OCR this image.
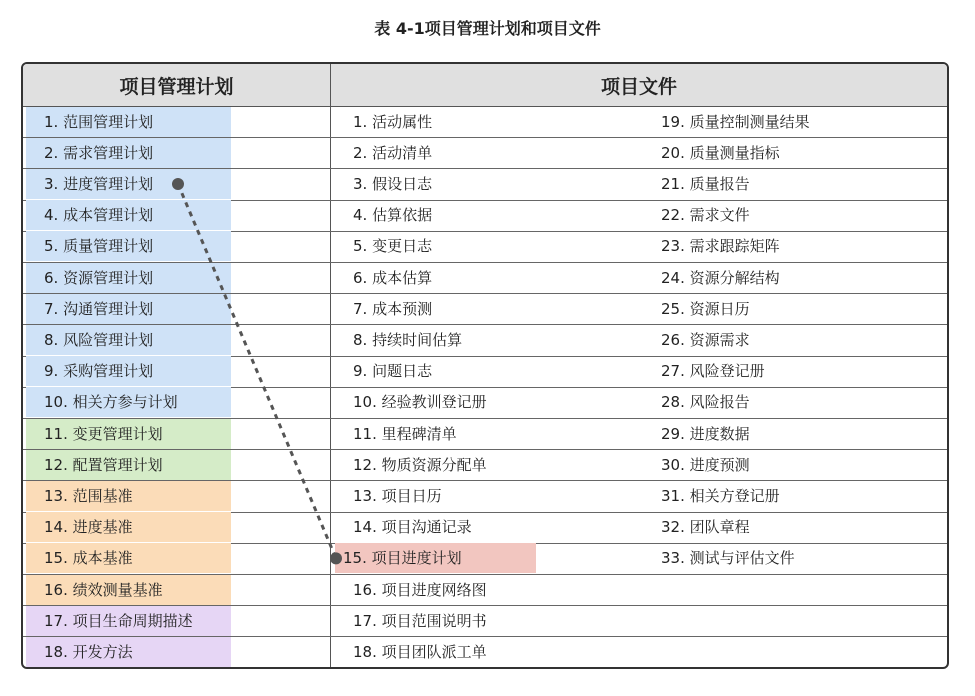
表 4-1项目管理计划和项目文件
项目管理计划	项目文件
1. 范围管理计划	1. 活动属性	19. 质量控制测量结果
2. 需求管理计划	2. 活动清单	20. 质量测量指标
3. 进度管理计划	3. 假设日志	21. 质量报告
4. 成本管理计划	4. 估算依据	22. 需求文件
5. 质量管理计划	5. 变更日志	23. 需求跟踪矩阵
6. 资源管理计划	6. 成本估算	24. 资源分解结构
7. 沟通管理计划	7. 成本预测	25. 资源日历
8. 风险管理计划	8. 持续时间估算	26. 资源需求
9. 采购管理计划	9. 问题日志	27. 风险登记册
10. 相关方参与计划	10. 经验教训登记册	28. 风险报告
11. 变更管理计划	11. 里程碑清单	29. 进度数据
12. 配置管理计划	12. 物质资源分配单	30. 进度预测
13. 范围基准	13. 项目日历	31. 相关方登记册
14. 进度基准	14. 项目沟通记录	32. 团队章程
15. 成本基准	15. 项目进度计划	33. 测试与评估文件
16. 绩效测量基准	16. 项目进度网络图
17. 项目生命周期描述	17. 项目范围说明书
18. 开发方法	18. 项目团队派工单
